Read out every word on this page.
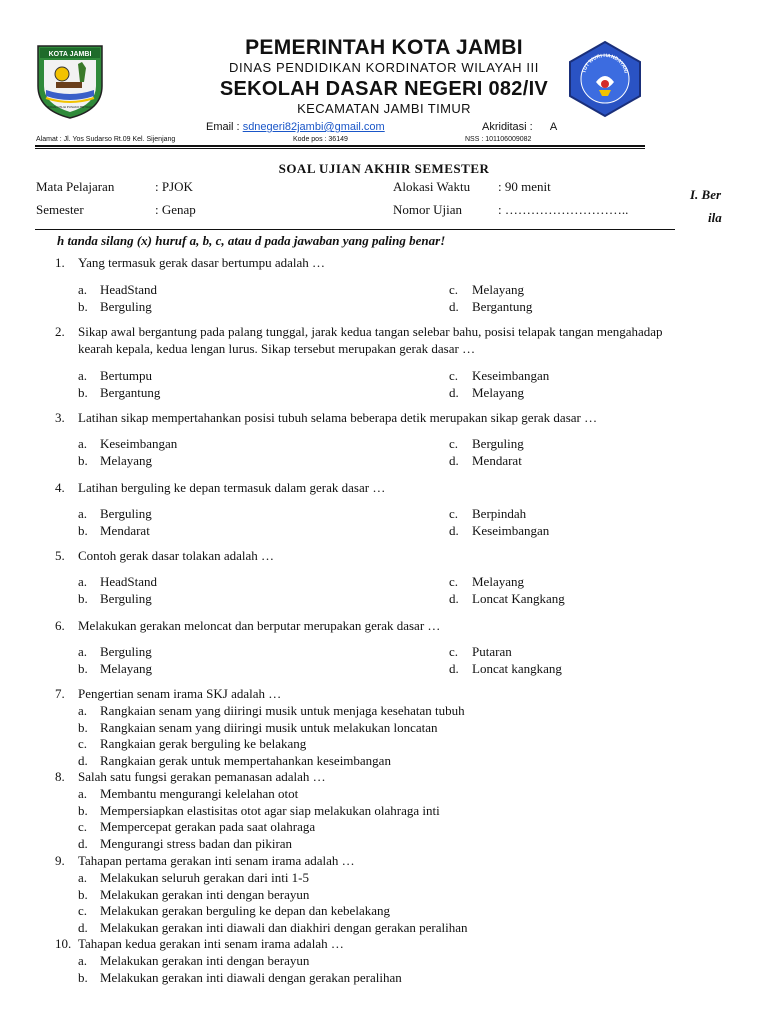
KOTA JAMBI
TANAH PILIH PUSAKO BETUAH
TUT WURI HANDAYANI
PEMERINTAH KOTA JAMBI
DINAS PENDIDIKAN KORDINATOR WILAYAH III
SEKOLAH DASAR NEGERI 082/IV
KECAMATAN JAMBI TIMUR
Email : sdnegeri82jambi@gmail.com	Akriditasi : A
Alamat : Jl. Yos Sudarso Rt.09 Kel. Sijenjang	Kode pos : 36149	NSS : 101106009082
SOAL UJIAN AKHIR SEMESTER
Mata Pelajaran	: PJOK	Alokasi Waktu : 90 menit
Semester	: Genap	Nomor Ujian	: ………………………..
I. Ber
ila
h tanda silang (x) huruf a, b, c, atau d pada jawaban yang paling benar!
1. Yang termasuk gerak dasar bertumpu adalah …
a. HeadStand
b. Berguling
c. Melayang
d. Bergantung
2. Sikap awal bergantung pada palang tunggal, jarak kedua tangan selebar bahu, posisi telapak tangan mengahadap
kearah kepala, kedua lengan lurus. Sikap tersebut merupakan gerak dasar …
a. Bertumpu
b. Bergantung
c. Keseimbangan
d. Melayang
3. Latihan sikap mempertahankan posisi tubuh selama beberapa detik merupakan sikap gerak dasar …
a. Keseimbangan
b. Melayang
c. Berguling
d. Mendarat
4. Latihan berguling ke depan termasuk dalam gerak dasar …
a. Berguling
b. Mendarat
c. Berpindah
d. Keseimbangan
5. Contoh gerak dasar tolakan adalah …
a. HeadStand
b. Berguling
c. Melayang
d. Loncat Kangkang
6. Melakukan gerakan meloncat dan berputar merupakan gerak dasar …
a. Berguling
b. Melayang
c. Putaran
d. Loncat kangkang
7. Pengertian senam irama SKJ adalah …
a. Rangkaian senam yang diiringi musik untuk menjaga kesehatan tubuh
b. Rangkaian senam yang diiringi musik untuk melakukan loncatan
c. Rangkaian gerak berguling ke belakang
d. Rangkaian gerak untuk mempertahankan keseimbangan
8. Salah satu fungsi gerakan pemanasan adalah …
a. Membantu mengurangi kelelahan otot
b. Mempersiapkan elastisitas otot agar siap melakukan olahraga inti
c. Mempercepat gerakan pada saat olahraga
d. Mengurangi stress badan dan pikiran
9. Tahapan pertama gerakan inti senam irama adalah …
a. Melakukan seluruh gerakan dari inti 1-5
b. Melakukan gerakan inti dengan berayun
c. Melakukan gerakan berguling ke depan dan kebelakang
d. Melakukan gerakan inti diawali dan diakhiri dengan gerakan peralihan
10. Tahapan kedua gerakan inti senam irama adalah …
a. Melakukan gerakan inti dengan berayun
b. Melakukan gerakan inti diawali dengan gerakan peralihan
